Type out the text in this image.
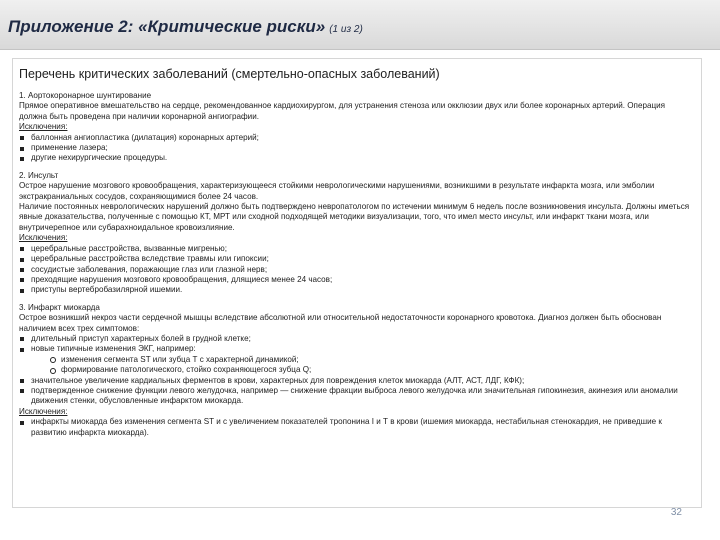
Приложение 2: «Критические риски» (1 из 2)
Перечень критических заболеваний (смертельно-опасных заболеваний)
1. Аортокоронарное шунтирование

Прямое оперативное вмешательство на сердце, рекомендованное кардиохирургом, для устранения стеноза или окклюзии двух или более коронарных артерий. Операция должна быть проведена при наличии коронарной ангиографии.

Исключения:
баллонная ангиопластика (дилатация) коронарных артерий;
применение лазера;
другие нехирургические процедуры.
2. Инсульт

Острое нарушение мозгового кровообращения, характеризующееся стойкими неврологическими нарушениями, возникшими в результате инфаркта мозга, или эмболии экстракраниальных сосудов, сохраняющимися более 24 часов.

Наличие постоянных неврологических нарушений должно быть подтверждено невропатологом по истечении минимум 6 недель после возникновения инсульта. Должны иметься явные доказательства, полученные с помощью КТ, МРТ или сходной подходящей методики визуализации, того, что имел место инсульт, или инфаркт ткани мозга, или внутричерепное или субарахноидальное кровоизлияние.

Исключения:
церебральные расстройства, вызванные мигренью;
церебральные расстройства вследствие травмы или гипоксии;
сосудистые заболевания, поражающие глаз или глазной нерв;
преходящие нарушения мозгового кровообращения, длящиеся менее 24 часов;
приступы вертебробазилярной ишемии.
3. Инфаркт миокарда

Острое возникший некроз части сердечной мышцы вследствие абсолютной или относительной недостаточности коронарного кровотока. Диагноз должен быть обоснован наличием всех трех симптомов:

длительный приступ характерных болей в грудной клетке;
новые типичные изменения ЭКГ, например:
изменения сегмента ST или зубца Т с характерной динамикой;
формирование патологического, стойко сохраняющегося зубца Q;
значительное увеличение кардиальных ферментов в крови, характерных для повреждения клеток миокарда (АЛТ, АСТ, ЛДГ, КФК);
подтвержденное снижение функции левого желудочка, например — снижение фракции выброса левого желудочка или значительная гипокинезия, акинезия или аномалии движения стенки, обусловленные инфарктом миокарда.
Исключения:
инфаркты миокарда без изменения сегмента ST и с увеличением показателей тропонина I и Т в крови (ишемия миокарда, нестабильная стенокардия, не приведшие к развитию инфаркта миокарда).
32
